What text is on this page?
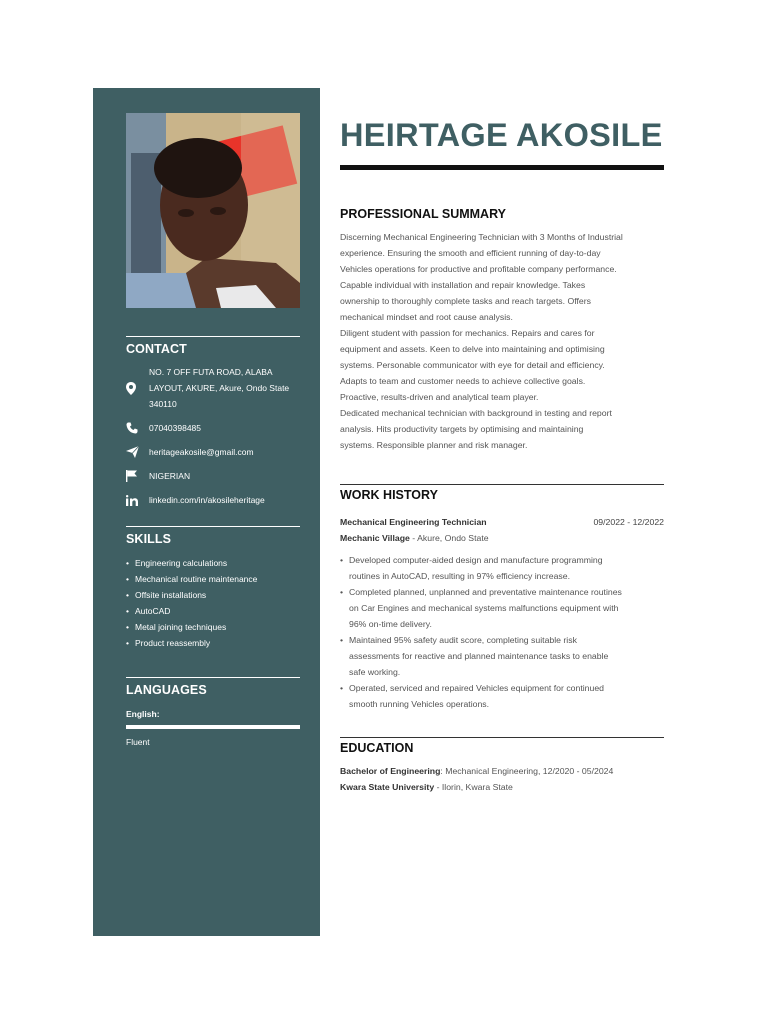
CONTACT
NO. 7 OFF FUTA ROAD, ALABA
LAYOUT, AKURE, Akure, Ondo State
340110
07040398485
heritageakosile@gmail.com
NIGERIAN
linkedin.com/in/akosileheritage
SKILLS
• Engineering calculations
• Mechanical routine maintenance
• Offsite installations
• AutoCAD
• Metal joining techniques
• Product reassembly
LANGUAGES
English:
Fluent
HEIRTAGE AKOSILE
PROFESSIONAL SUMMARY
Discerning Mechanical Engineering Technician with 3 Months of Industrial
experience. Ensuring the smooth and efficient running of day-to-day
Vehicles operations for productive and profitable company performance.
Capable individual with installation and repair knowledge. Takes
ownership to thoroughly complete tasks and reach targets. Offers
mechanical mindset and root cause analysis.
Diligent student with passion for mechanics. Repairs and cares for
equipment and assets. Keen to delve into maintaining and optimising
systems. Personable communicator with eye for detail and efficiency.
Adapts to team and customer needs to achieve collective goals.
Proactive, results-driven and analytical team player.
Dedicated mechanical technician with background in testing and report
analysis. Hits productivity targets by optimising and maintaining
systems. Responsible planner and risk manager.
WORK HISTORY
Mechanical Engineering Technician	09/2022 - 12/2022
Mechanic Village - Akure, Ondo State
• Developed computer-aided design and manufacture programming
routines in AutoCAD, resulting in 97% efficiency increase.
• Completed planned, unplanned and preventative maintenance routines
on Car Engines and mechanical systems malfunctions equipment with
96% on-time delivery.
• Maintained 95% safety audit score, completing suitable risk
assessments for reactive and planned maintenance tasks to enable
safe working.
• Operated, serviced and repaired Vehicles equipment for continued
smooth running Vehicles operations.
EDUCATION
Bachelor of Engineering: Mechanical Engineering, 12/2020 - 05/2024
Kwara State University - Ilorin, Kwara State
